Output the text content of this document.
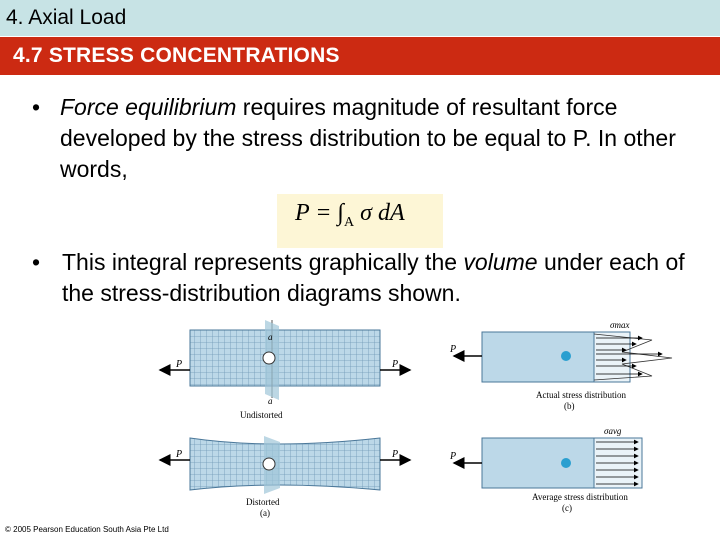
4. Axial Load
4.7 STRESS CONCENTRATIONS
• Force equilibrium requires magnitude of resultant force developed by the stress distribution to be equal to P. In other words,
$P = \int_A$ σ dA
• This integral represents graphically the volume under each of the stress-distribution diagrams shown.
P	P
a
a
Undistorted
P	P
Distorted
(a)
P
σmax
Actual stress distribution
(b)
P
σavg
Average stress distribution
(c)
© 2005 Pearson Education South Asia Pte Ltd
